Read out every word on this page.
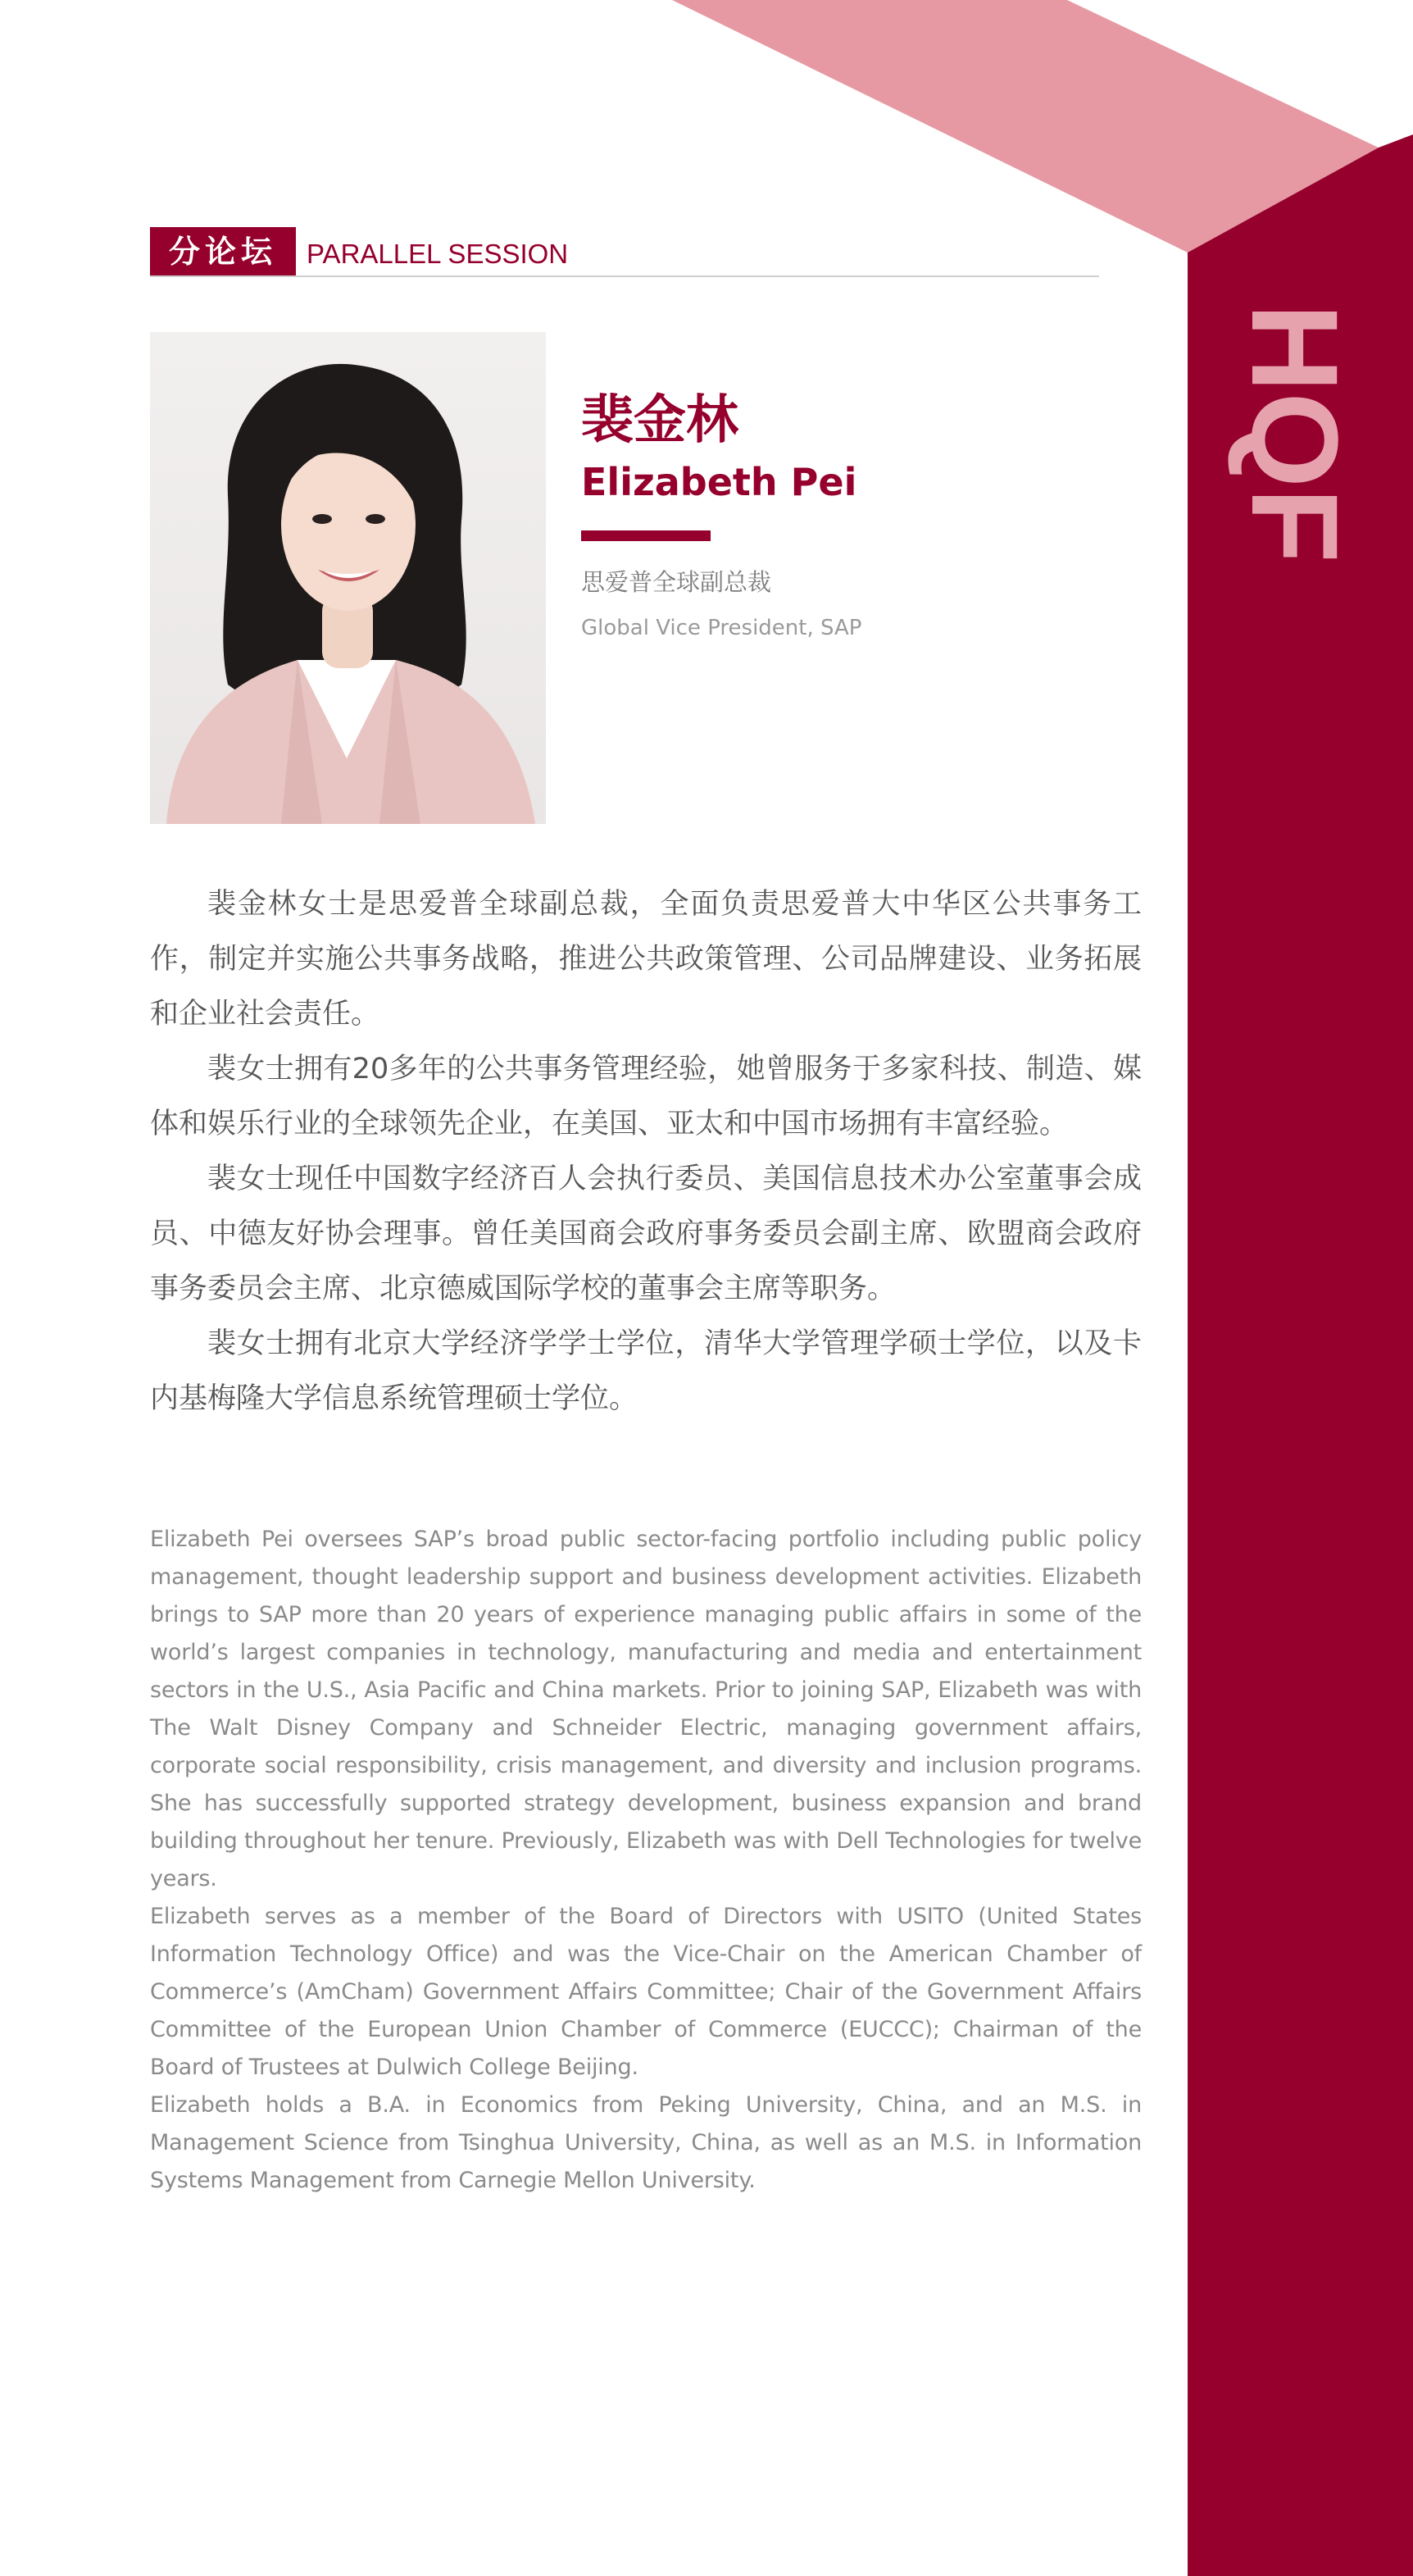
HQF
分论坛	PARALLEL SESSION
裴金林
Elizabeth Pei
思爱普全球副总裁
Global Vice President, SAP

裴金林女士是思爱普全球副总裁，全面负责思爱普大中华区公共事务工作，制定并实施公共事务战略，推进公共政策管理、公司品牌建设、业务拓展和企业社会责任。

裴女士拥有20多年的公共事务管理经验，她曾服务于多家科技、制造、媒体和娱乐行业的全球领先企业，在美国、亚太和中国市场拥有丰富经验。

裴女士现任中国数字经济百人会执行委员、美国信息技术办公室董事会成员、中德友好协会理事。曾任美国商会政府事务委员会副主席、欧盟商会政府事务委员会主席、北京德威国际学校的董事会主席等职务。

裴女士拥有北京大学经济学学士学位，清华大学管理学硕士学位，以及卡内基梅隆大学信息系统管理硕士学位。

Elizabeth Pei oversees SAP’s broad public sector-facing portfolio including public policy management, thought leadership support and business development activities. Elizabeth brings to SAP more than 20 years of experience managing public affairs in some of the world’s largest companies in technology, manufacturing and media and entertainment sectors in the U.S., Asia Pacific and China markets. Prior to joining SAP, Elizabeth was with The Walt Disney Company and Schneider Electric, managing government affairs, corporate social responsibility, crisis management, and diversity and inclusion programs. She has successfully supported strategy development, business expansion and brand building throughout her tenure. Previously, Elizabeth was with Dell Technologies for twelve years.

Elizabeth serves as a member of the Board of Directors with USITO (United States Information Technology Office) and was the Vice-Chair on the American Chamber of Commerce’s (AmCham) Government Affairs Committee; Chair of the Government Affairs Committee of the European Union Chamber of Commerce (EUCCC); Chairman of the Board of Trustees at Dulwich College Beijing.

Elizabeth holds a B.A. in Economics from Peking University, China, and an M.S. in Management Science from Tsinghua University, China, as well as an M.S. in Information Systems Management from Carnegie Mellon University.
